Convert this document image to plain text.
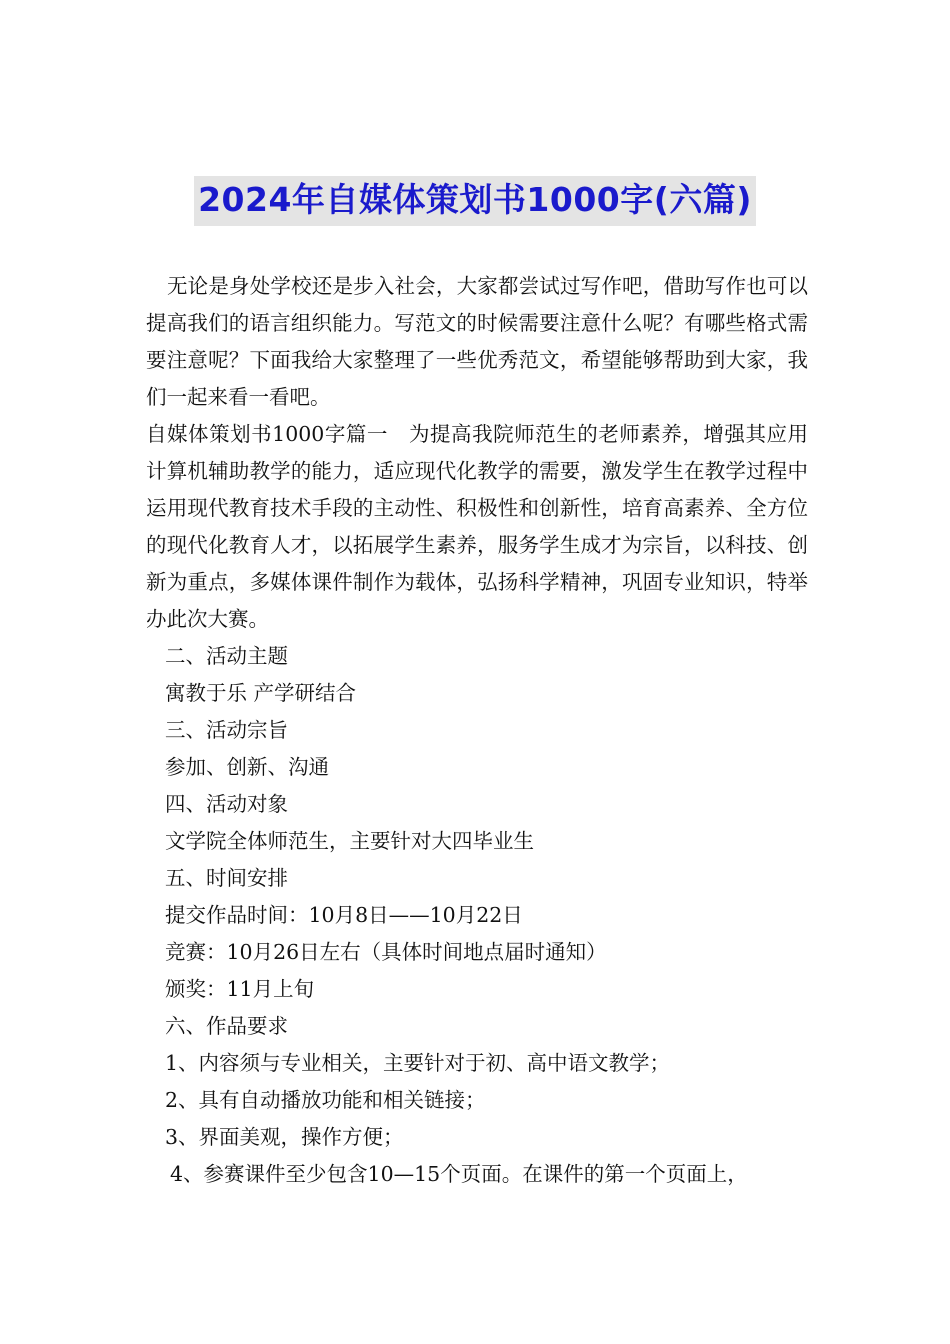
2024年自媒体策划书1000字(六篇)

无论是身处学校还是步入社会，大家都尝试过写作吧，借助写作也可以提高我们的语言组织能力。写范文的时候需要注意什么呢？有哪些格式需要注意呢？下面我给大家整理了一些优秀范文，希望能够帮助到大家，我们一起来看一看吧。

自媒体策划书1000字篇一　为提高我院师范生的老师素养，增强其应用计算机辅助教学的能力，适应现代化教学的需要，激发学生在教学过程中运用现代教育技术手段的主动性、积极性和创新性，培育高素养、全方位的现代化教育人才，以拓展学生素养，服务学生成才为宗旨，以科技、创新为重点，多媒体课件制作为载体，弘扬科学精神，巩固专业知识，特举办此次大赛。

二、活动主题

寓教于乐 产学研结合

三、活动宗旨

参加、创新、沟通

四、活动对象

文学院全体师范生，主要针对大四毕业生

五、时间安排

提交作品时间：10月8日——10月22日

竞赛：10月26日左右（具体时间地点届时通知）

颁奖：11月上旬

六、作品要求

1、内容须与专业相关，主要针对于初、高中语文教学；

2、具有自动播放功能和相关链接；

3、界面美观，操作方便；

4、参赛课件至少包含10—15个页面。在课件的第一个页面上，
